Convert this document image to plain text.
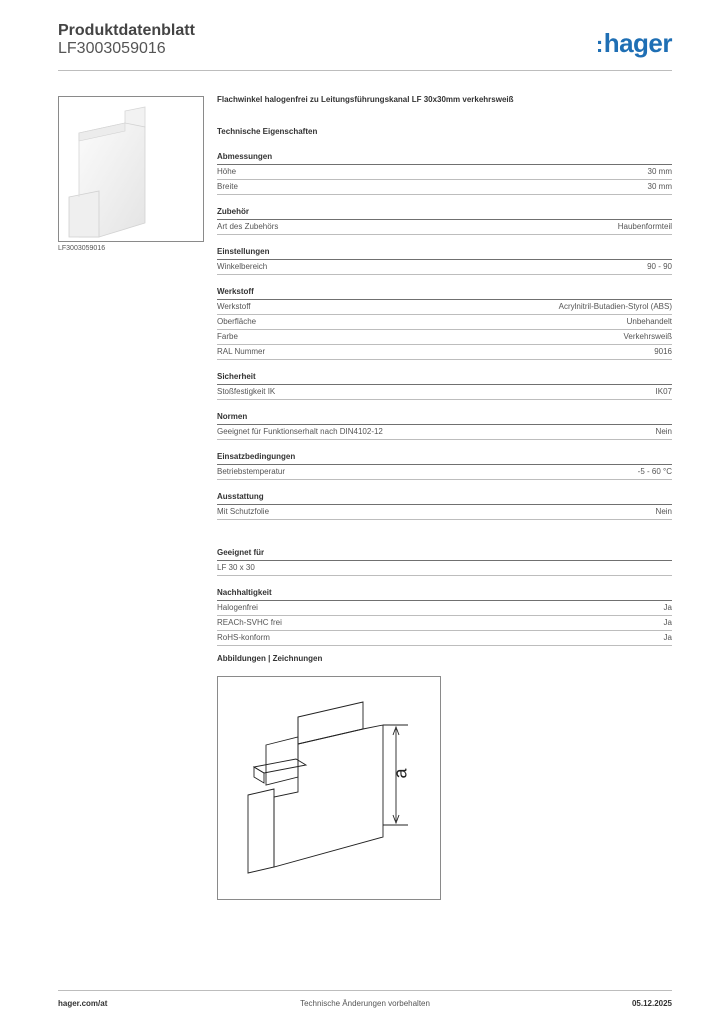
Produktdatenblatt
LF3003059016	:hager
LF3003059016
Flachwinkel halogenfrei zu Leitungsführungskanal LF 30x30mm verkehrsweiß
Technische Eigenschaften
Abmessungen
Höhe	30 mm
Breite	30 mm
Zubehör
Art des Zubehörs	Haubenformteil
Einstellungen
Winkelbereich	90 - 90
Werkstoff
Werkstoff	Acrylnitril-Butadien-Styrol (ABS)
Oberfläche	Unbehandelt
Farbe	Verkehrsweiß
RAL Nummer	9016
Sicherheit
Stoßfestigkeit IK	IK07
Normen
Geeignet für Funktionserhalt nach DIN4102-12	Nein
Einsatzbedingungen
Betriebstemperatur	-5 - 60 °C
Ausstattung
Mit Schutzfolie	Nein
Geeignet für
LF 30 x 30
Nachhaltigkeit
Halogenfrei	Ja
REACh-SVHC frei	Ja
RoHS-konform	Ja
Abbildungen | Zeichnungen
a
hager.com/at	Technische Änderungen vorbehalten	05.12.2025
